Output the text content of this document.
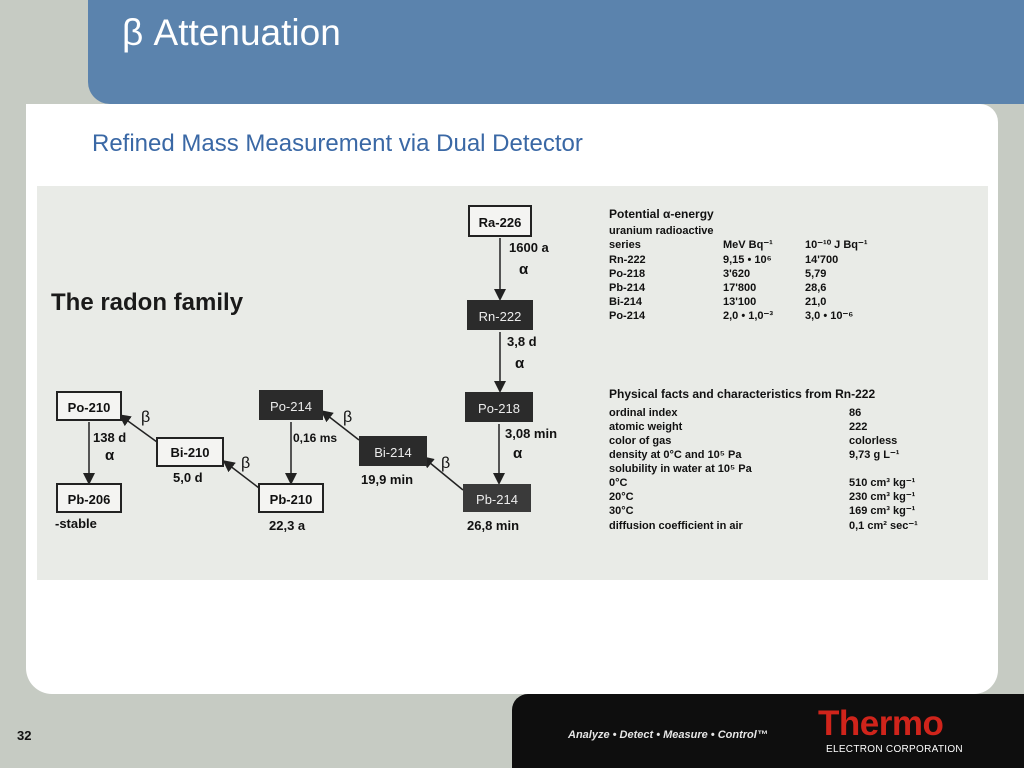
β Attenuation
Refined Mass Measurement via Dual Detector
The radon family
Ra-226
1600 a
α
Rn-222
3,8 d
α
Po-218
3,08 min
α
Pb-214
26,8 min
β
Bi-214
19,9 min
β
Po-214
0,16 ms
Pb-210
22,3 a
β
Bi-210
5,0 d
β
Po-210
138 d
α
Pb-206
-stable
Potential α-energy
uranium radioactive
series	MeV Bq⁻¹	10⁻¹⁰ J Bq⁻¹
Rn-222	9,15 • 10⁶	14'700
Po-218	3'620	5,79
Pb-214	17'800	28,6
Bi-214	13'100	21,0
Po-214	2,0 • 1,0⁻³	3,0 • 10⁻⁶
Physical facts and characteristics from Rn-222
ordinal index	86
atomic weight	222
color of gas	colorless
density at 0°C and 10⁵ Pa	9,73 g L⁻¹
solubility in water at 10⁵ Pa
0°C	510 cm³ kg⁻¹
20°C	230 cm³ kg⁻¹
30°C	169 cm³ kg⁻¹
diffusion coefficient in air	0,1 cm² sec⁻¹
32	Analyze • Detect • Measure • Control™ Thermo
ELECTRON CORPORATION
